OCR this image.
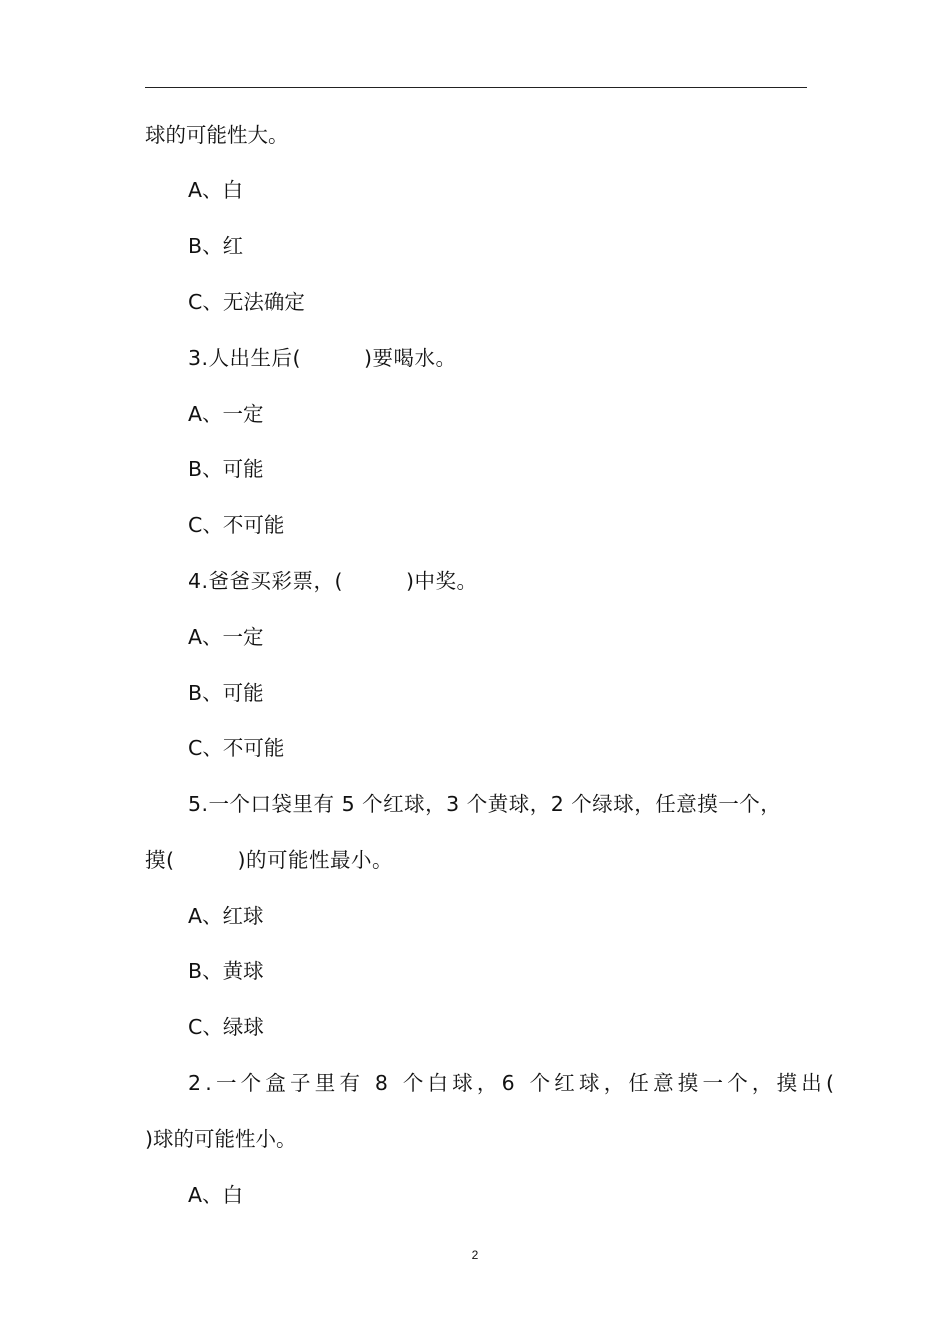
球的可能性大。

A、白

B、红

C、无法确定

3.人出生后(　　　)要喝水。

A、一定

B、可能

C、不可能

4.爸爸买彩票，(　　　)中奖。

A、一定

B、可能

C、不可能

5.一个口袋里有 5 个红球，3 个黄球，2 个绿球，任意摸一个，

摸(　　　)的可能性最小。

A、红球

B、黄球

C、绿球

2.一个盒子里有 8 个白球，6 个红球，任意摸一个，摸出(

)球的可能性小。

A、白

2
